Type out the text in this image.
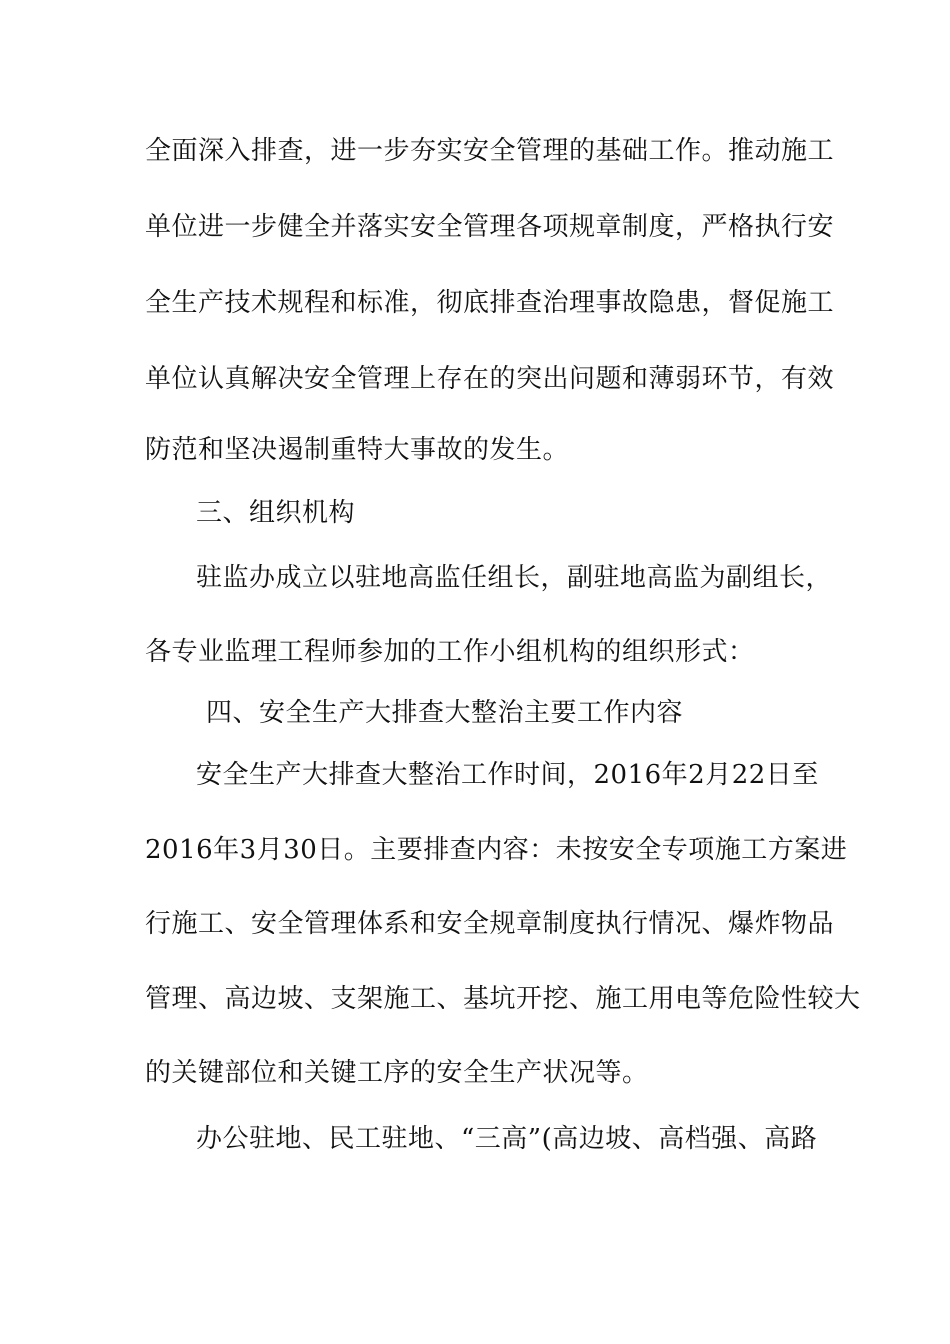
全面深入排查，进一步夯实安全管理的基础工作。推动施工
单位进一步健全并落实安全管理各项规章制度，严格执行安
全生产技术规程和标准，彻底排查治理事故隐患，督促施工
单位认真解决安全管理上存在的突出问题和薄弱环节，有效
防范和坚决遏制重特大事故的发生。
三、组织机构
驻监办成立以驻地高监任组长，副驻地高监为副组长，
各专业监理工程师参加的工作小组机构的组织形式：
四、安全生产大排查大整治主要工作内容
安全生产大排查大整治工作时间，2016年2月22日至
2016年3月30日。主要排查内容：未按安全专项施工方案进
行施工、安全管理体系和安全规章制度执行情况、爆炸物品
管理、高边坡、支架施工、基坑开挖、施工用电等危险性较大
的关键部位和关键工序的安全生产状况等。
办公驻地、民工驻地、“三高”(高边坡、高档强、高路
